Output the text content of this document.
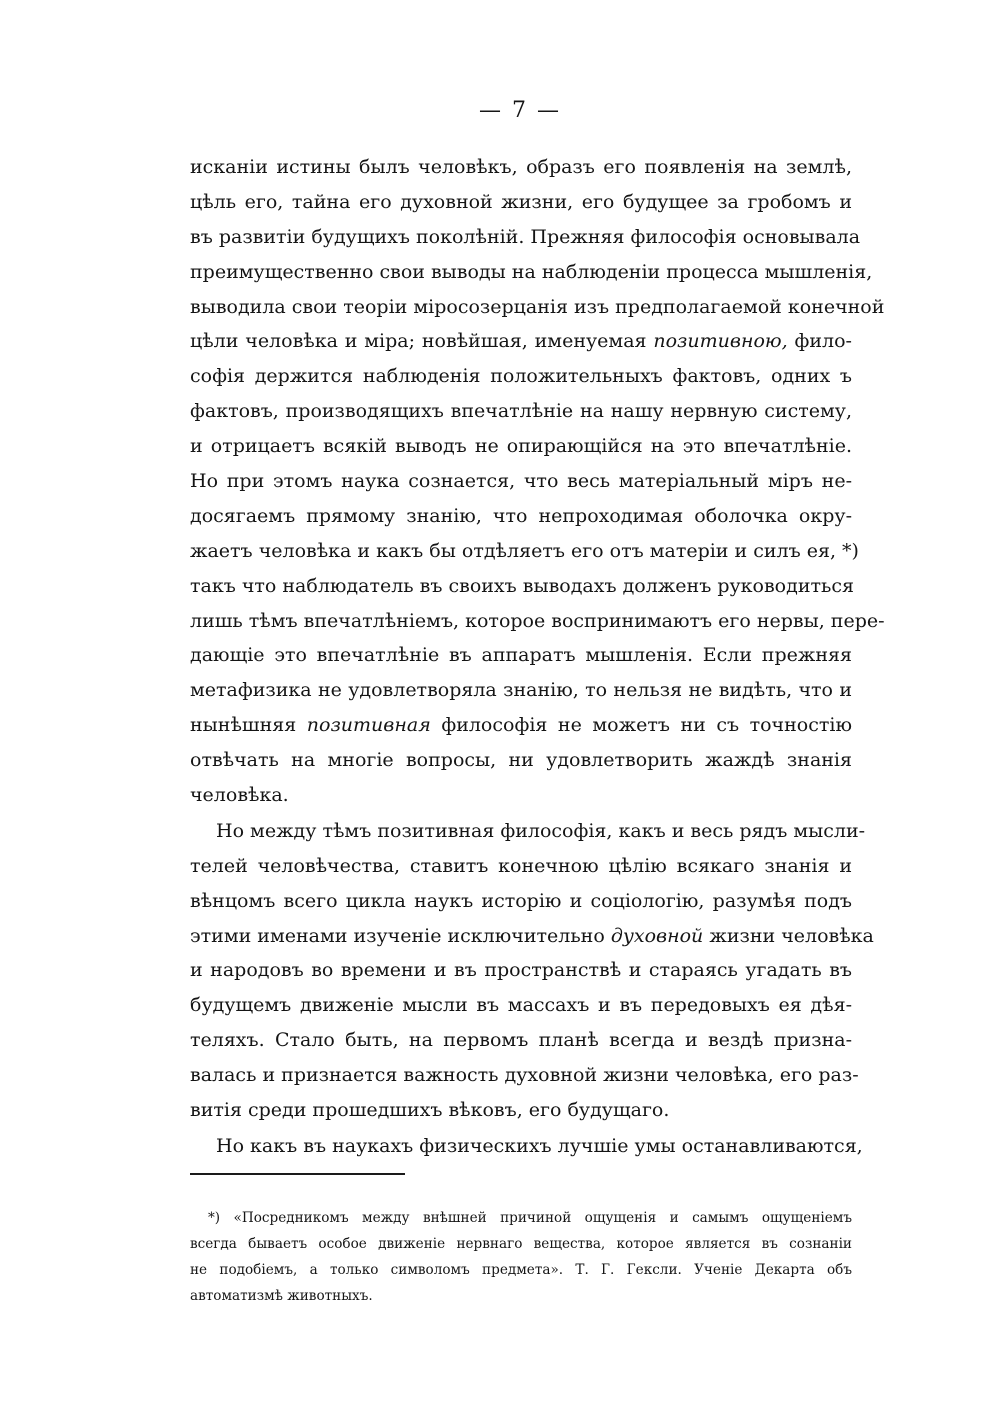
— 7 —
исканіи истины былъ человѣкъ, образъ его появленія на землѣ,
цѣль его, тайна его духовной жизни, его будущее за гробомъ и
въ развитіи будущихъ поколѣній. Прежняя философія основывала
преимущественно свои выводы на наблюденіи процесса мышленія,
выводила свои теоріи міросозерцанія изъ предполагаемой конечной
цѣли человѣка и міра; новѣйшая, именуемая позитивною, фило-
софія держится наблюденія положительныхъ фактовъ, одних ъ
фактовъ, производящихъ впечатлѣніе на нашу нервную систему,
и отрицаетъ всякій выводъ не опирающійся на это впечатлѣніе.
Но при этомъ наука сознается, что весь матеріальный міръ не-
досягаемъ прямому знанію, что непроходимая оболочка окру-
жаетъ человѣка и какъ бы отдѣляетъ его отъ матеріи и силъ ея, *)
такъ что наблюдатель въ своихъ выводахъ долженъ руководиться
лишь тѣмъ впечатлѣніемъ, которое воспринимаютъ его нервы, пере-
дающіе это впечатлѣніе въ аппаратъ мышленія. Если прежняя
метафизика не удовлетворяла знанію, то нельзя не видѣть, что и
нынѣшняя позитивная философія не можетъ ни съ точностію
отвѣчать на многіе вопросы, ни удовлетворить жаждѣ знанія
человѣка.
Но между тѣмъ позитивная философія, какъ и весь рядъ мысли-
телей человѣчества, ставитъ конечною цѣлію всякаго знанія и
вѣнцомъ всего цикла наукъ исторію и соціологію, разумѣя подъ
этими именами изученіе исключительно духовной жизни человѣка
и народовъ во времени и въ пространствѣ и стараясь угадать въ
будущемъ движеніе мысли въ массахъ и въ передовыхъ ея дѣя-
теляхъ. Стало быть, на первомъ планѣ всегда и вездѣ призна-
валась и признается важность духовной жизни человѣка, его раз-
витія среди прошедшихъ вѣковъ, его будущаго.
Но какъ въ наукахъ физическихъ лучшіе умы останавливаются,
*) «Посредникомъ между внѣшней причиной ощущенія и самымъ ощущеніемъ
всегда бываетъ особое движеніе нервнаго вещества, которое является въ сознаніи
не подобіемъ, а только символомъ предмета». Т. Г. Гексли. Ученіе Декарта объ
автоматизмѣ животныхъ.
